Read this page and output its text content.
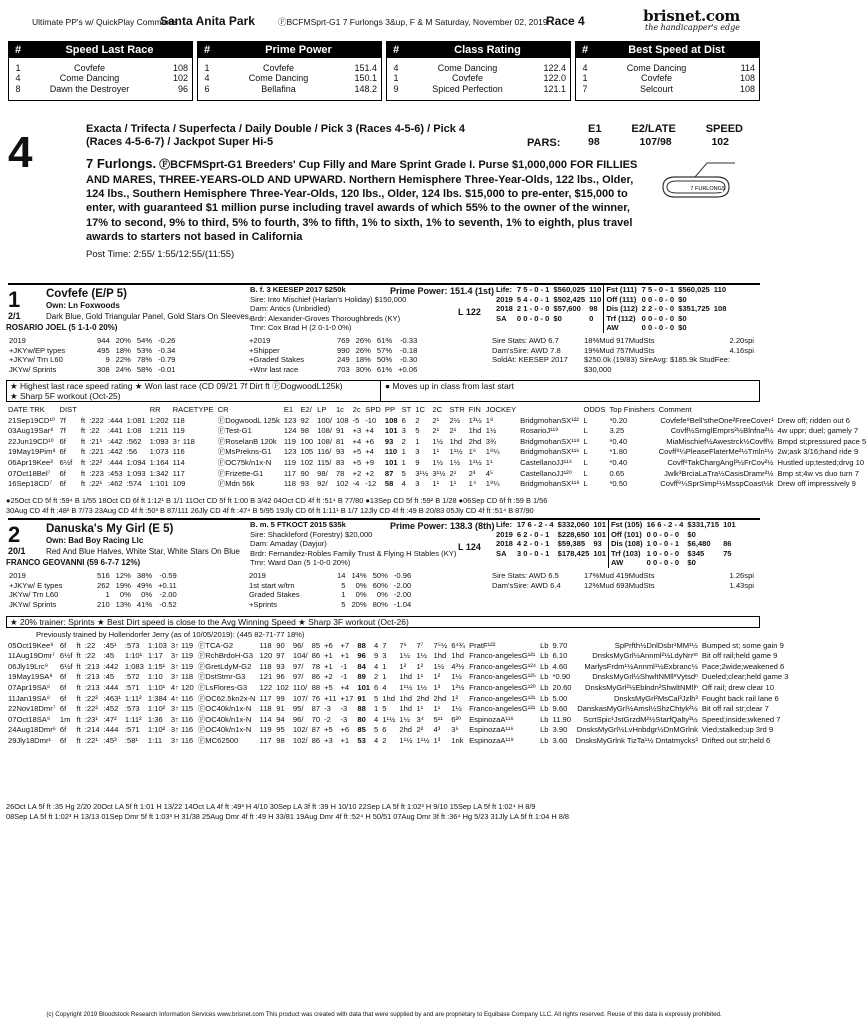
Ultimate PP's w/ QuickPlay Comments
Santa Anita Park	ⒻBCFMSprt-G1 7 Furlongs 3&up, F & M Saturday, November 02, 2019
Race 4	brisnet.com
the handicapper's edge
#	Speed Last Race
1	Covfefe	108
4	Come Dancing	102
8	Dawn the Destroyer	96
#	Prime Power
1	Covfefe	151.4
4	Come Dancing	150.1
6	Bellafina	148.2
#	Class Rating
4	Come Dancing	122.4
1	Covfefe	122.0
9	Spiced Perfection	121.1
#	Best Speed at Dist
4	Come Dancing	114
1	Covfefe	108
7	Selcourt	108
4	Exacta / Trifecta / Superfecta / Daily Double / Pick 3 (Races 4-5-6) / Pick 4 (Races 4-5-6-7) / Jackpot Super Hi-5	PARS:
E1	E2/LATE	SPEED
98	107/98	102
7 Furlongs. ⒻBCFMSprt-G1 Breeders' Cup Filly and Mare Sprint Grade I. Purse $1,000,000 FOR FILLIES AND MARES, THREE-YEARS-OLD AND UPWARD. Northern Hemisphere Three-Year-Olds, 122 lbs., Older, 124 lbs., Southern Hemisphere Three-Year-Olds, 120 lbs., Older, 124 lbs. $15,000 to pre-enter, $15,000 to enter, with guaranteed $1 million purse including travel awards of which 55% to the owner of the winner, 17% to second, 9% to third, 5% to fourth, 3% to fifth, 1% to sixth, 1% to seventh, 1% to eighth, plus travel awards to starters not based in California
Post Time: 2:55/ 1:55/12:55/(11:55)
7 FURLONGS
1 Covfefe (E/P 5)
Own: Ln Foxwoods
2/1	Dark Blue, Gold Triangular Panel, Gold Stars On Sleeves,
ROSARIO JOEL (5 1-1-0 20%)
B. f. 3 KEESEP 2017 $250k
Sire: Into Mischief (Harlan's Holiday) $150,000
Dam: Antics (Unbridled)
Brdr: Alexander-Groves Thoroughbreds (KY)
Trnr: Cox Brad H (2 0-1-0 0%)
Prime Power: 151.4 (1st)
L 122
Life:	7 5 - 0 - 1	$560,025	110	Fst (111)	7 5 - 0 - 1	$560,025	110
2019	5 4 - 0 - 1	$502,425	110	Off (111)	0 0 - 0 - 0	$0	
2018	2 1 - 0 - 0	$57,600	98	Dis (112)	2 2 - 0 - 0	$351,725	108
SA	0 0 - 0 - 0	$0	0	Trf (112)	0 0 - 0 - 0	$0	
				AW	0 0 - 0 - 0	$0	
2019	944	20%	54%	-0.26
+JKYw/EP types	495	18%	53%	-0.34
+JKYw/ Trn L60	9	22%	78%	-0.79
JKYw/ Sprints	308	24%	58%	-0.01
+2019	769	26%	61%	-0.33
+Shipper	990	26%	57%	-0.18
+Graded Stakes	249	18%	50%	-0.30
+Wnr last race	703	30%	61%	+0.06
Sire Stats: AWD 6.7	18%Mud 917MudSts	2.20spi
Dam'sSire: AWD 7.8	19%Mud 757MudSts	4.16spi
SoldAt: KEESEP 2017	$250.0k (19/83) SireAvg: $185.9k StudFee: $30,000
★ Highest last race speed rating ★ Won last race (CD 09/21 7f Dirt ft ⒻDogwoodL125k)
★ Sharp 5F workout (Oct-25)
● Moves up in class from last start
DATE TRK	DIST					RR	RACETYPE	CR	E1	E2/	LP	1c	2c	SPD	PP	ST	1C	2C	STR	FIN	JOCKEY		ODDS	Top Finishers	Comment	
21Sep19CD¹⁰	7f	ft	:222	:444	1:081	1:202	118	ⒻDogwoodL 125k	123	92	100/	108	-5	-10	108	6	2	2¹	2½	1³½	1⁸	BridgmohanSX¹²²	L	*0.20	Covfefe⁸Bell'stheOne²FreeCover¹	Drew off; ridden out 6
03Aug19Sar⁸	7f	ft	:22	:441	1:08	1:211	119	ⒻTest-G1	124	98	108/	91	+3	+4	101	3	5	2¹	2¹	1hd	1½	RosarioJ¹¹⁹	L	3.25	Covff½SrnglEmprs²½Blnfna²½	4w uppr; duel; gamely 7
22Jun19CD¹⁰	6f	ft	:21¹	:442	:562	1:093	3↑ 118	ⒻRoselanB 120k	119	100	108/	81	+4	+6	93	2	1	1½	1hd	2hd	3¾	BridgmohanSX¹¹⁸	L	*0.40	MiaMischief½Awestrck½Covff½	Bmpd st;pressured pace 5
19May19Pim⁸	6f	ft	:221	:442	:56	1:073	116	ⒻMsPrekns-G1	123	105	116/	93	+5	+4	110	1	3	1¹	1¹½	1⁶	1⁸¼	BridgmohanSX¹¹⁶	L	*1.80	Covff⁸¼PleaseFlaterMe²½Tmln¹½	2w;ask 3/16;hand ride 9
06Apr19Kee³	6½f	ft	:22²	:444	1:094	1:164	114	ⒻOC75k/n1x-N	119	102	115/	83	+5	+9	101	1	9	1½	1½	1¹½	1¹	CastellanoJJ¹¹⁴	L	*0.40	Covff¹TakChargAngl³½FrCov²½	Hustled up;tested;drvg 10
07Oct18Bel⁷	6f	ft	:223	:453	1:093	1:342	117	ⒻFrizette-G1	117	90	98/	78	+2	+2	87	5	3¹½	3¹½	2¹	2³	4⁵	CastellanoJJ¹²⁰	L	0.65	Jwlk³BrciaLaTra½CasisDramr²½	Bmp st;4w vs duo turn 7
16Sep18CD⁷	6f	ft	:22¹	:462	:574	1:101	109	ⒻMdn 56k	118	93	92/	102	-4	-12	58	4	3	1¹	1¹	1⁴	1⁹¼	BridgmohanSX¹¹⁸	L	*0.50	Covff⁹¼SprSimp¹½MsspCoast½k	Drew off impressively 9
●25Oct CD 5f ft :59⁴ B 1/55 18Oct CD 6f ft 1:12¹ B 1/1 11Oct CD 5f ft 1:00 B 3/42 04Oct CD 4f ft :51⁴ B 77/80 ●13Sep CD 5f ft :59² B 1/28 ●06Sep CD 6f ft :59 B 1/56
30Aug CD 4f ft :48² B 7/73 23Aug CD 4f ft :50³ B 87/111 26Jly CD 4f ft :47⁴ B 5/95 19Jly CD 6f ft 1:11¹ B 1/7 12Jly CD 4f ft :49 B 20/83 05Jly CD 4f ft :51⁴ B 87/90
2 Danuska's My Girl (E 5)
Own: Bad Boy Racing Llc
20/1	Red And Blue Halves, White Star, White Stars On Blue
FRANCO GEOVANNI (59 6-7-7 12%)
B. m. 5 FTKOCT 2015 $35k
Sire: Shackleford (Forestry) $20,000
Dam: Amaday (Dayjur)
Brdr: Fernandez-Robles Family Trust & Flying H Stables (KY)
Trnr: Ward Dan (5 1-0-0 20%)
Prime Power: 138.3 (8th)
L 124
Life:	17 6 - 2 - 4	$332,060	101	Fst (105)	16 6 - 2 - 4	$331,715	101
2019	6 2 - 0 - 1	$228,650	101	Off (101)	0 0 - 0 - 0	$0	
2018	4 2 - 0 - 1	$59,385	93	Dis (108)	1 0 - 0 - 1	$6,480	86
SA	3 0 - 0 - 1	$178,425	101	Trf (103)	1 0 - 0 - 0	$345	75
				AW	0 0 - 0 - 0	$0	
2019	516	12%	38%	-0.59
+JKYw/ E types	262	19%	49%	+0.11
JKYw/ Trn L60	1	0%	0%	-2.00
JKYw/ Sprints	210	13%	41%	-0.52
2019	14	14%	50%	-0.96
1st start w/trn	5	0%	60%	-2.00
Graded Stakes	1	0%	0%	-2.00
+Sprints	5	20%	80%	-1.04
Sire Stats: AWD 6.5	17%Mud 419MudSts	1.26spi
Dam'sSire: AWD 6.4	12%Mud 693MudSts	1.43spi
★ 20% trainer: Sprints ★ Best Dirt speed is close to the Avg Winning Speed ★ Sharp 3F workout (Oct-26)
Previously trained by Hollendorfer Jerry (as of 10/05/2019): (445 82-71-77 18%)																										
05Oct19Kee⁹	6f	ft	:22	:45¹	:573	1:103	3↑ 119	ⒻTCA-G2	118	90	96/	85	+6	+7	88	4	7	7⁶	7⁷	7⁵½	6⁴¾	PratF¹²²	Lb	9.70	SpPrfth½DnlDsbr¹MM¹½	Bumped st; some gain 9
11Aug19Dmr⁷	6½f	ft	:22	:45	1:10¹	1:17	3↑ 119	ⒻRchBrdoH-G3	120	97	104/	86	+1	+1	96	9	3	1½	1½	1hd	1hd	Franco-angelesG¹²¹	Lb	6.10	DnsksMyGrl½Annml²½LdyNnⁿᵒ	Bit off rail;held game 9
06Jly19Lrc⁹	6½f	ft	:213	:442	1:083	1:15¹	3↑ 119	ⒻGretLdyM-G2	118	93	97/	78	+1	-1	84	4	1	1²	1²	1½	4³½	Franco-angelesG¹²⁴	Lb	4.60	MarlysFrdm¹½Annml¹½Exbranc½	Pace;2wide;weakened 6
19May19SA⁸	6f	ft	:213	:45	:572	1:10	3↑ 118	ⒻDstStmr-G3	121	96	97/	86	+2	-1	89	2	1	1hd	1¹	1²	1½	Franco-angelesG¹²⁵	Lb	*0.90	DnsksMyGrl½ShwltNMllⁿVytsdⁿ	Dueled;clear;held game 3
07Apr19SA⁸	6f	ft	:213	:444	:571	1:10¹	4↑ 120	ⒻLsFlores-G3	122	102	110/	88	+5	+4	101	6	4	1¹½	1½	1³	1²½	Franco-angelesG¹²⁰	Lb	20.60	DnsksMyGrl²½Eblndn²ShwltNMllⁿ	Off rail; drew clear 10
11Jan19SA⁸	6f	ft	:22²	:463¹	1:11²	1:384	4↑ 116	ⒻOC62.5kn2x-N	117	99	107/	76	+11	+17	91	5	1hd	1hd	2hd	2hd	1²	Franco-angelesG¹²¹	Lb	5.00	DnsksMyGrl²MsCal³Jzlh³	Fought back rail lane 6
22Nov18Dmr⁷	6f	ft	:22²	:452	:573	1:10²	3↑ 115	ⒻOC40k/n1x-N	118	91	95/	87	-3	-3	88	1	5	1hd	1¹	1¹	1½	Franco-angelesG¹²¹	Lb	9.60	DanskasMyGrl½Amsl½ShzChtyk²½	Bit off rail str;clear 7
07Oct18SA⁹	1m	ft	:23¹	:47²	1:11²	1:36	3↑ 116	ⒻOC40k/n1x-N	114	94	96/	70	-2	-3	80	4	1¹½	1½	3⁴	5¹¹	6²⁰	EspinozaA¹¹⁶	Lb	11.90	ScrtSpic¹JstGrzdM²½StarfQalty³½	Speed;inside;wkened 7
24Aug18Dmr⁶	6f	ft	:214	:444	:571	1:10²	3↑ 116	ⒻOC40k/n1x-N	119	95	102/	87	+5	+6	85	5	6	2hd	2²	4³	3⁵	EspinozaA¹¹⁶	Lb	3.90	DnsksMyGrl½LvHnbdgr½DnMGrlnk	Vied;stalked;up 3rd 9
29Jly18Dmr¹	6f	ft	:22¹	:45³	:58¹	1:11	3↑ 116	ⒻMC62500	117	98	102/	86	+3	+1	53	4	2	1¹½	1¹½	1³	1nk	EspinozaA¹¹⁹	Lb	3.60	DnsksMyGrlnk TizTa¹½ Dntatmycks³	Drifted out str;held 6
26Oct LA 5f ft :35 Hg 2/20 20Oct LA 5f ft 1:01 H 13/22 14Oct LA 4f ft :49³ H 4/10 30Sep LA 3f ft :39 H 10/10 22Sep LA 5f ft 1:02³ H 9/10 15Sep LA 5f ft 1:02⁴ H 8/9
08Sep LA 5f ft 1:02³ H 13/13 01Sep Dmr 5f ft 1:03³ H 31/38 25Aug Dmr 4f ft :49 H 33/81 19Aug Dmr 4f ft :52⁴ H 50/51 07Aug Dmr 3f ft :36⁴ Hg 5/23 31Jly LA 5f ft 1:04 H 8/8
(c) Copyright 2019 Bloodstock Research Information Services www.brisnet.com This product was created with data that were supplied by and are proprietary to Equibase Company LLC. All rights reserved. Reuse of this data is expressly prohibited.
